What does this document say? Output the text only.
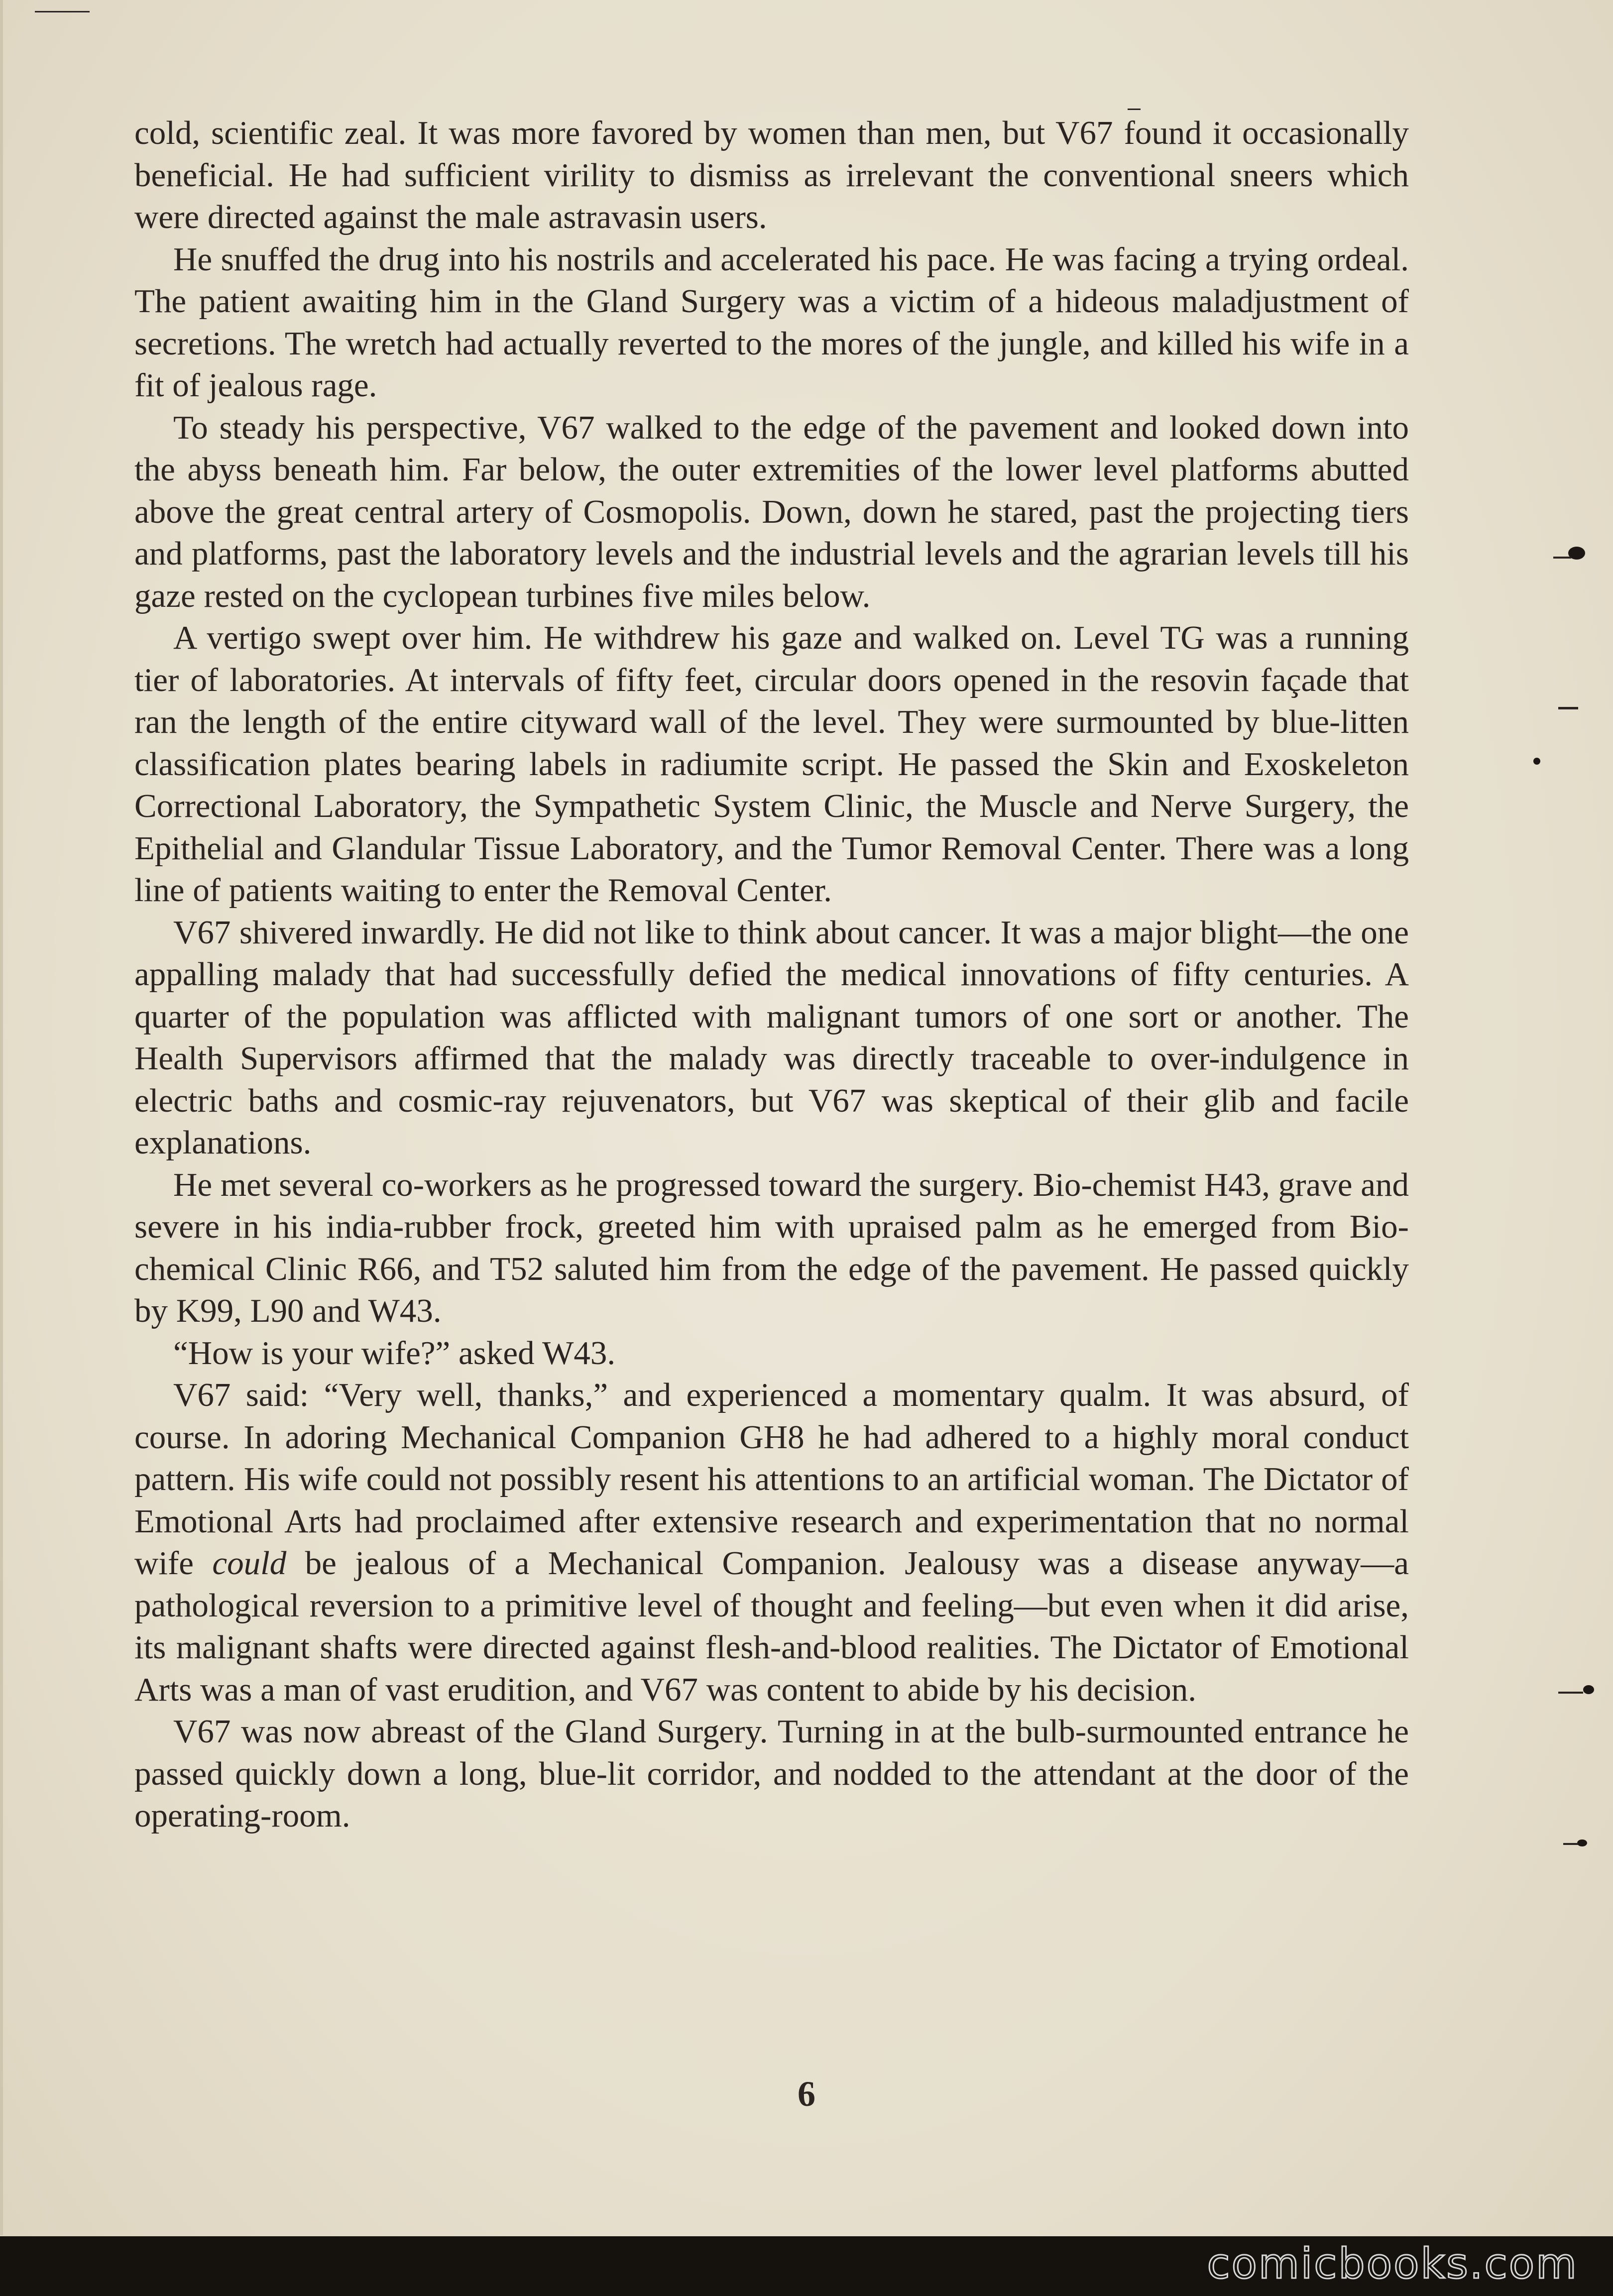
cold, scientific zeal. It was more favored by women than men, but V67 found it occasionally beneficial. He had sufficient virility to dismiss as irrelevant the conventional sneers which were directed against the male astravasin users.

He snuffed the drug into his nostrils and accelerated his pace. He was facing a trying ordeal. The patient awaiting him in the Gland Surgery was a victim of a hideous maladjustment of secretions. The wretch had actually reverted to the mores of the jungle, and killed his wife in a fit of jealous rage.

To steady his perspective, V67 walked to the edge of the pavement and looked down into the abyss beneath him. Far below, the outer extremities of the lower level platforms abutted above the great central artery of Cosmopolis. Down, down he stared, past the projecting tiers and platforms, past the laboratory levels and the industrial levels and the agrarian levels till his gaze rested on the cyclopean turbines five miles below.

A vertigo swept over him. He withdrew his gaze and walked on. Level TG was a running tier of laboratories. At intervals of fifty feet, circular doors opened in the resovin façade that ran the length of the entire cityward wall of the level. They were surmounted by blue-litten classification plates bearing labels in radiumite script. He passed the Skin and Exoskeleton Correctional Laboratory, the Sympathetic System Clinic, the Muscle and Nerve Surgery, the Epithelial and Glandular Tissue Laboratory, and the Tumor Removal Center. There was a long line of patients waiting to enter the Removal Center.

V67 shivered inwardly. He did not like to think about cancer. It was a major blight—the one appalling malady that had successfully defied the medical innovations of fifty centuries. A quarter of the population was afflicted with malignant tumors of one sort or another. The Health Supervisors affirmed that the malady was directly traceable to over-indulgence in electric baths and cosmic-ray rejuvenators, but V67 was skeptical of their glib and facile explanations.

He met several co-workers as he progressed toward the surgery. Bio-chemist H43, grave and severe in his india-rubber frock, greeted him with upraised palm as he emerged from Bio-chemical Clinic R66, and T52 saluted him from the edge of the pavement. He passed quickly by K99, L90 and W43.

“How is your wife?” asked W43.

V67 said: “Very well, thanks,” and experienced a momentary qualm. It was absurd, of course. In adoring Mechanical Companion GH8 he had adhered to a highly moral conduct pattern. His wife could not possibly resent his attentions to an artificial woman. The Dictator of Emotional Arts had proclaimed after extensive research and experimentation that no normal wife could be jealous of a Mechanical Companion. Jealousy was a disease anyway—a pathological reversion to a primitive level of thought and feeling—but even when it did arise, its malignant shafts were directed against flesh-and-blood realities. The Dictator of Emotional Arts was a man of vast erudition, and V67 was content to abide by his decision.

V67 was now abreast of the Gland Surgery. Turning in at the bulb-surmounted entrance he passed quickly down a long, blue-lit corridor, and nodded to the attendant at the door of the operating-room.

6
comicbooks.com
